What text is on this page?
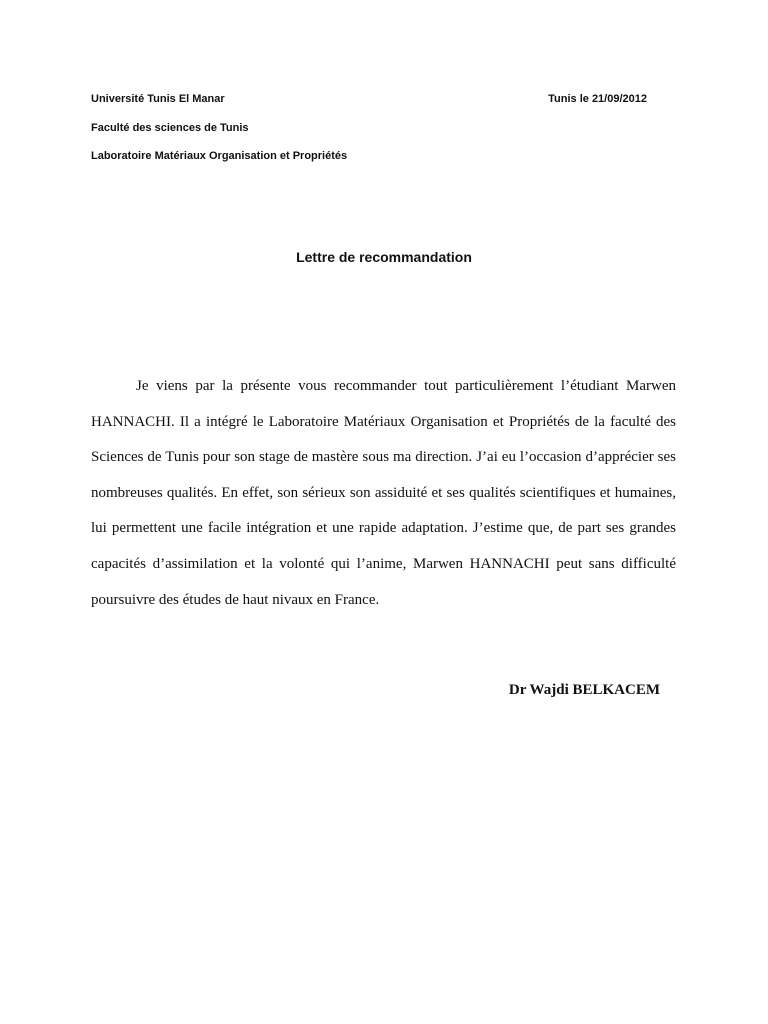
Université Tunis El Manar	Tunis le 21/09/2012
Faculté des sciences de Tunis
Laboratoire Matériaux Organisation et Propriétés
Lettre de recommandation

Je viens par la présente vous recommander tout particulièrement l’étudiant Marwen HANNACHI. Il a intégré le Laboratoire Matériaux Organisation et Propriétés de la faculté des Sciences de Tunis pour son stage de mastère sous ma direction. J’ai eu l’occasion d’apprécier ses nombreuses qualités. En effet, son sérieux son assiduité et ses qualités scientifiques et humaines, lui permettent une facile intégration et une rapide adaptation. J’estime que, de part ses grandes capacités d’assimilation et la volonté qui l’anime, Marwen HANNACHI peut sans difficulté poursuivre des études de haut nivaux en France.

Dr Wajdi BELKACEM
